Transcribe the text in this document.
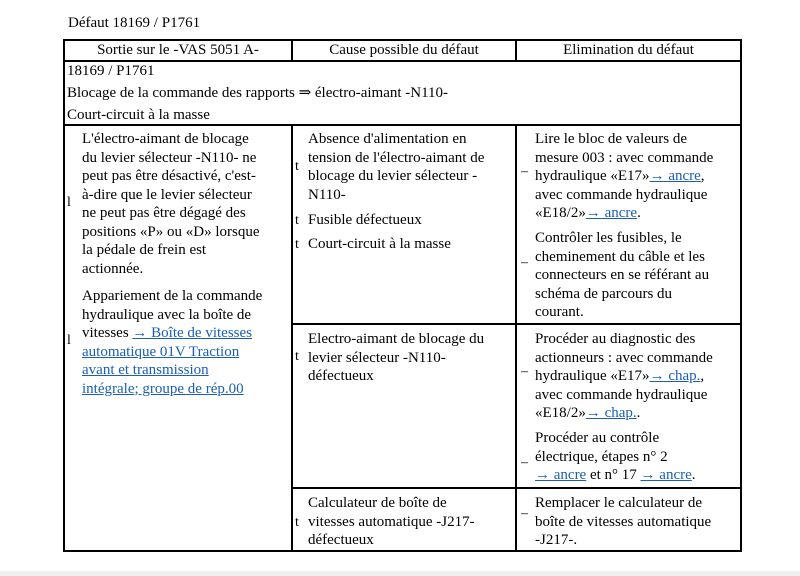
Défaut 18169 / P1761
Sortie sur le -VAS 5051 A-	Cause possible du défaut	Elimination du défaut
18169 / P1761
Blocage de la commande des rapports ⇒ électro-aimant -N110-
Court-circuit à la masse
l
L'électro-aimant de blocage
du levier sélecteur -N110- ne
peut pas être désactivé, c'est-
à-dire que le levier sélecteur
ne peut pas être dégagé des
positions «P» ou «D» lorsque
la pédale de frein est
actionnée.
l
Appariement de la commande
hydraulique avec la boîte de
vitesses → Boîte de vitesses
automatique 01V Traction
avant et transmission
intégrale; groupe de rép.00
t
Absence d'alimentation en
tension de l'électro-aimant de
blocage du levier sélecteur -
N110-
t Fusible défectueux
t Court-circuit à la masse
t
Electro-aimant de blocage du
levier sélecteur -N110-
défectueux
t
Calculateur de boîte de
vitesses automatique -J217-
défectueux
–
Lire le bloc de valeurs de
mesure 003 : avec commande
hydraulique «E17»→ ancre,
avec commande hydraulique
«E18/2»→ ancre.
–
Contrôler les fusibles, le
cheminement du câble et les
connecteurs en se référant au
schéma de parcours du
courant.
–
Procéder au diagnostic des
actionneurs : avec commande
hydraulique «E17»→ chap.,
avec commande hydraulique
«E18/2»→ chap..
–
Procéder au contrôle
électrique, étapes n° 2
→ ancre et n° 17 → ancre.
–
Remplacer le calculateur de
boîte de vitesses automatique
-J217-.
